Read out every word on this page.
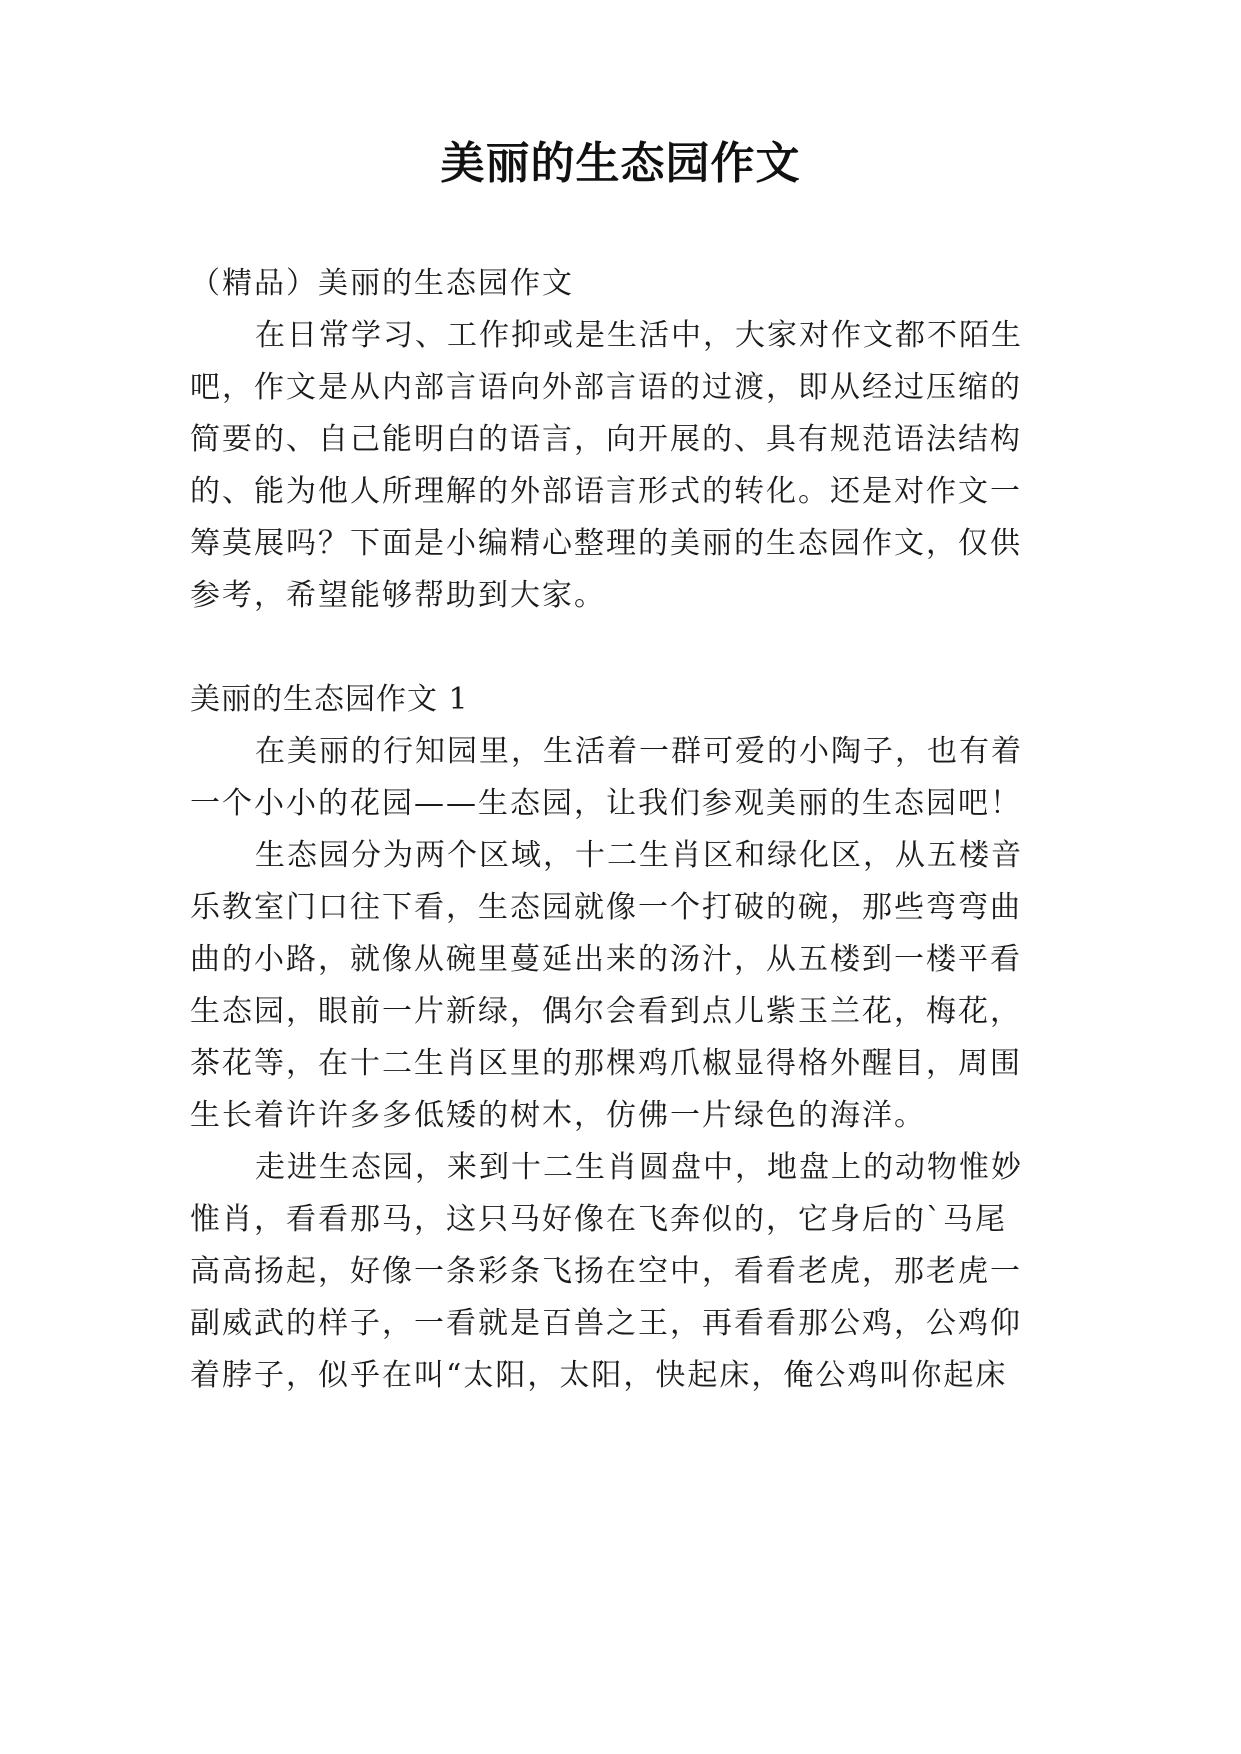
美丽的生态园作文
（精品）美丽的生态园作文
在日常学习、工作抑或是生活中，大家对作文都不陌生
吧，作文是从内部言语向外部言语的过渡，即从经过压缩的
简要的、自己能明白的语言，向开展的、具有规范语法结构
的、能为他人所理解的外部语言形式的转化。还是对作文一
筹莫展吗？下面是小编精心整理的美丽的生态园作文，仅供
参考，希望能够帮助到大家。
美丽的生态园作文 1
在美丽的行知园里，生活着一群可爱的小陶子，也有着
一个小小的花园——生态园，让我们参观美丽的生态园吧！
生态园分为两个区域，十二生肖区和绿化区，从五楼音
乐教室门口往下看，生态园就像一个打破的碗，那些弯弯曲
曲的小路，就像从碗里蔓延出来的汤汁，从五楼到一楼平看
生态园，眼前一片新绿，偶尔会看到点儿紫玉兰花，梅花，
茶花等，在十二生肖区里的那棵鸡爪椒显得格外醒目，周围
生长着许许多多低矮的树木，仿佛一片绿色的海洋。
走进生态园，来到十二生肖圆盘中，地盘上的动物惟妙
惟肖，看看那马，这只马好像在飞奔似的，它身后的`马尾
高高扬起，好像一条彩条飞扬在空中，看看老虎，那老虎一
副威武的样子，一看就是百兽之王，再看看那公鸡，公鸡仰
着脖子，似乎在叫“太阳，太阳，快起床，俺公鸡叫你起床
